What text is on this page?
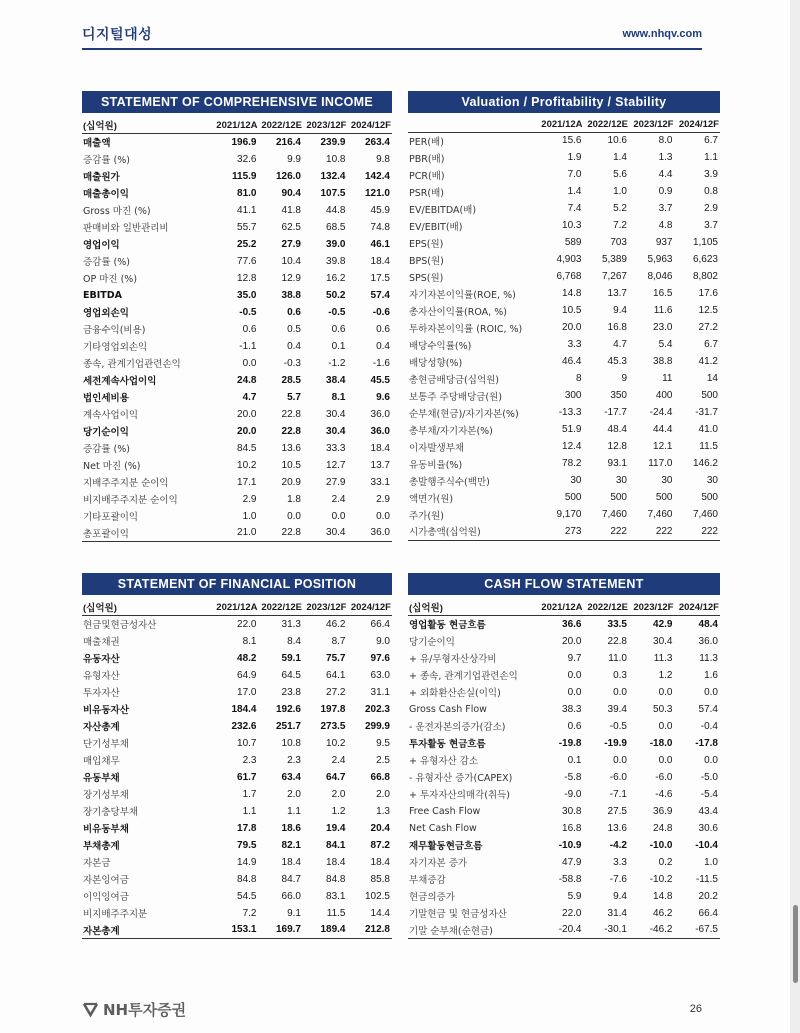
디지털대성	www.nhqv.com
STATEMENT OF COMPREHENSIVE INCOME
(십억원)	2021/12A	2022/12E	2023/12F	2024/12F
매출액	196.9	216.4	239.9	263.4
증감률 (%)	32.6	9.9	10.8	9.8
매출원가	115.9	126.0	132.4	142.4
매출총이익	81.0	90.4	107.5	121.0
Gross 마진 (%)	41.1	41.8	44.8	45.9
판매비와 일반관리비	55.7	62.5	68.5	74.8
영업이익	25.2	27.9	39.0	46.1
증감률 (%)	77.6	10.4	39.8	18.4
OP 마진 (%)	12.8	12.9	16.2	17.5
EBITDA	35.0	38.8	50.2	57.4
영업외손익	-0.5	0.6	-0.5	-0.6
금융수익(비용)	0.6	0.5	0.6	0.6
기타영업외손익	-1.1	0.4	0.1	0.4
종속, 관계기업관련손익	0.0	-0.3	-1.2	-1.6
세전계속사업이익	24.8	28.5	38.4	45.5
법인세비용	4.7	5.7	8.1	9.6
계속사업이익	20.0	22.8	30.4	36.0
당기순이익	20.0	22.8	30.4	36.0
증감률 (%)	84.5	13.6	33.3	18.4
Net 마진 (%)	10.2	10.5	12.7	13.7
지배주주지분 순이익	17.1	20.9	27.9	33.1
비지배주주지분 순이익	2.9	1.8	2.4	2.9
기타포괄이익	1.0	0.0	0.0	0.0
총포괄이익	21.0	22.8	30.4	36.0
Valuation / Profitability / Stability
	2021/12A	2022/12E	2023/12F	2024/12F
PER(배)	15.6	10.6	8.0	6.7
PBR(배)	1.9	1.4	1.3	1.1
PCR(배)	7.0	5.6	4.4	3.9
PSR(배)	1.4	1.0	0.9	0.8
EV/EBITDA(배)	7.4	5.2	3.7	2.9
EV/EBIT(배)	10.3	7.2	4.8	3.7
EPS(원)	589	703	937	1,105
BPS(원)	4,903	5,389	5,963	6,623
SPS(원)	6,768	7,267	8,046	8,802
자기자본이익률(ROE, %)	14.8	13.7	16.5	17.6
총자산이익률(ROA, %)	10.5	9.4	11.6	12.5
투하자본이익률 (ROIC, %)	20.0	16.8	23.0	27.2
배당수익률(%)	3.3	4.7	5.4	6.7
배당성향(%)	46.4	45.3	38.8	41.2
총현금배당금(십억원)	8	9	11	14
보통주 주당배당금(원)	300	350	400	500
순부채(현금)/자기자본(%)	-13.3	-17.7	-24.4	-31.7
총부채/자기자본(%)	51.9	48.4	44.4	41.0
이자발생부채	12.4	12.8	12.1	11.5
유동비율(%)	78.2	93.1	117.0	146.2
총발행주식수(백만)	30	30	30	30
액면가(원)	500	500	500	500
주가(원)	9,170	7,460	7,460	7,460
시가총액(십억원)	273	222	222	222
STATEMENT OF FINANCIAL POSITION
(십억원)	2021/12A	2022/12E	2023/12F	2024/12F
현금및현금성자산	22.0	31.3	46.2	66.4
매출채권	8.1	8.4	8.7	9.0
유동자산	48.2	59.1	75.7	97.6
유형자산	64.9	64.5	64.1	63.0
투자자산	17.0	23.8	27.2	31.1
비유동자산	184.4	192.6	197.8	202.3
자산총계	232.6	251.7	273.5	299.9
단기성부채	10.7	10.8	10.2	9.5
매입채무	2.3	2.3	2.4	2.5
유동부채	61.7	63.4	64.7	66.8
장기성부채	1.7	2.0	2.0	2.0
장기충당부채	1.1	1.1	1.2	1.3
비유동부채	17.8	18.6	19.4	20.4
부채총계	79.5	82.1	84.1	87.2
자본금	14.9	18.4	18.4	18.4
자본잉여금	84.8	84.7	84.8	85.8
이익잉여금	54.5	66.0	83.1	102.5
비지배주주지분	7.2	9.1	11.5	14.4
자본총계	153.1	169.7	189.4	212.8
CASH FLOW STATEMENT
(십억원)	2021/12A	2022/12E	2023/12F	2024/12F
영업활동 현금흐름	36.6	33.5	42.9	48.4
당기순이익	20.0	22.8	30.4	36.0
+ 유/무형자산상각비	9.7	11.0	11.3	11.3
+ 종속, 관계기업관련손익	0.0	0.3	1.2	1.6
+ 외화환산손실(이익)	0.0	0.0	0.0	0.0
Gross Cash Flow	38.3	39.4	50.3	57.4
- 운전자본의증가(감소)	0.6	-0.5	0.0	-0.4
투자활동 현금흐름	-19.8	-19.9	-18.0	-17.8
+ 유형자산 감소	0.1	0.0	0.0	0.0
- 유형자산 증가(CAPEX)	-5.8	-6.0	-6.0	-5.0
+ 투자자산의매각(취득)	-9.0	-7.1	-4.6	-5.4
Free Cash Flow	30.8	27.5	36.9	43.4
Net Cash Flow	16.8	13.6	24.8	30.6
재무활동현금흐름	-10.9	-4.2	-10.0	-10.4
자기자본 증가	47.9	3.3	0.2	1.0
부채증감	-58.8	-7.6	-10.2	-11.5
현금의증가	5.9	9.4	14.8	20.2
기말현금 및 현금성자산	22.0	31.4	46.2	66.4
기말 순부채(순현금)	-20.4	-30.1	-46.2	-67.5
NH투자증권	26
